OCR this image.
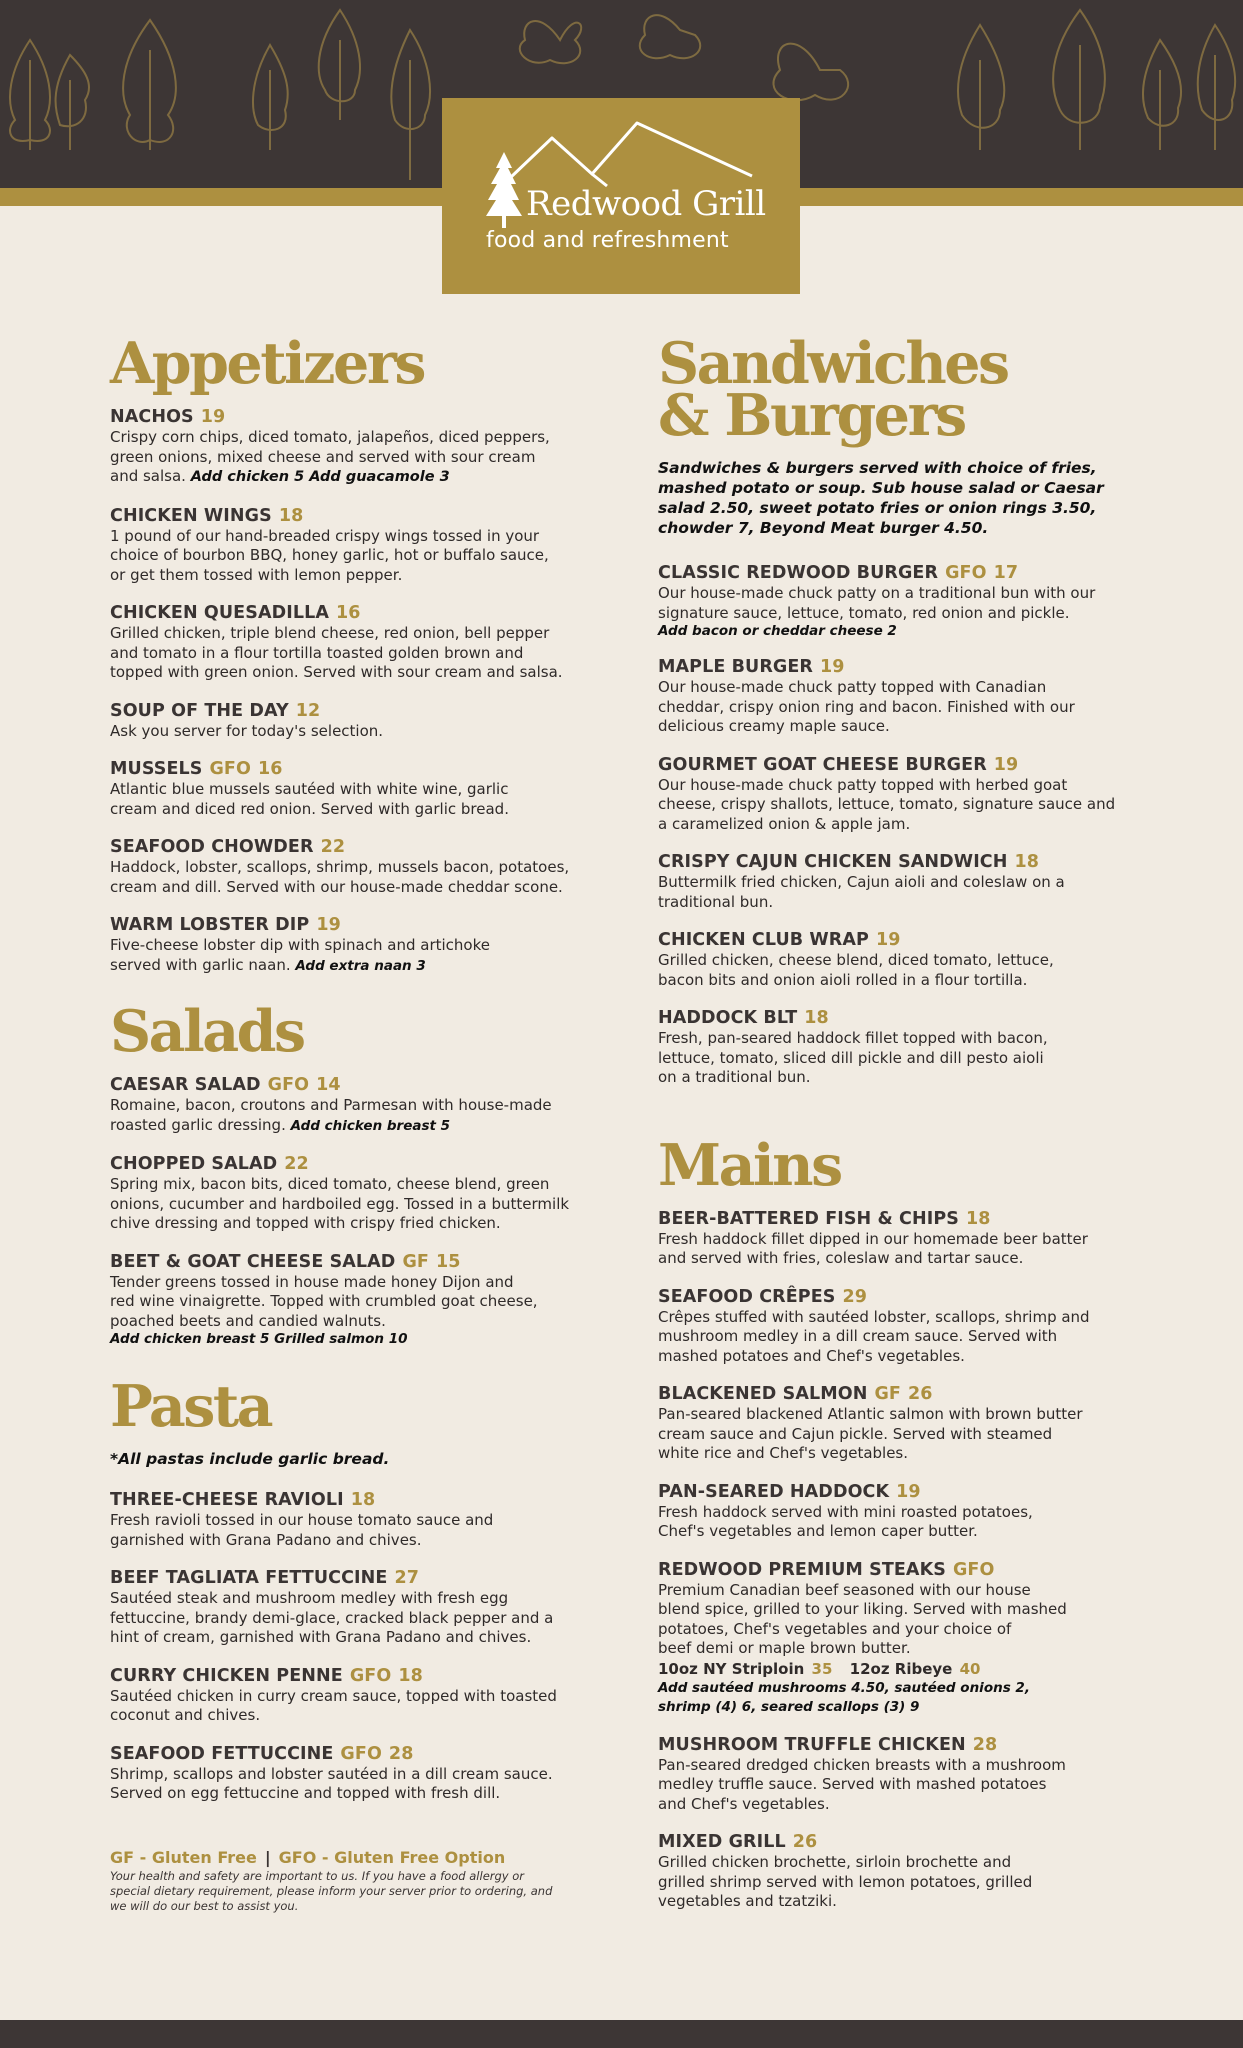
Redwood Grill
food and refreshment
Appetizers
NACHOS 19
Crispy corn chips, diced tomato, jalapeños, diced peppers,
green onions, mixed cheese and served with sour cream
and salsa. Add chicken 5 Add guacamole 3
CHICKEN WINGS 18
1 pound of our hand-breaded crispy wings tossed in your
choice of bourbon BBQ, honey garlic, hot or buffalo sauce,
or get them tossed with lemon pepper.
CHICKEN QUESADILLA 16
Grilled chicken, triple blend cheese, red onion, bell pepper
and tomato in a flour tortilla toasted golden brown and
topped with green onion. Served with sour cream and salsa.
SOUP OF THE DAY 12
Ask you server for today's selection.
MUSSELS GFO 16
Atlantic blue mussels sautéed with white wine, garlic
cream and diced red onion. Served with garlic bread.
SEAFOOD CHOWDER 22
Haddock, lobster, scallops, shrimp, mussels bacon, potatoes,
cream and dill. Served with our house-made cheddar scone.
WARM LOBSTER DIP 19
Five-cheese lobster dip with spinach and artichoke
served with garlic naan. Add extra naan 3
Salads
CAESAR SALAD GFO 14
Romaine, bacon, croutons and Parmesan with house-made
roasted garlic dressing. Add chicken breast 5
CHOPPED SALAD 22
Spring mix, bacon bits, diced tomato, cheese blend, green
onions, cucumber and hardboiled egg. Tossed in a buttermilk
chive dressing and topped with crispy fried chicken.
BEET & GOAT CHEESE SALAD GF 15
Tender greens tossed in house made honey Dijon and
red wine vinaigrette. Topped with crumbled goat cheese,
poached beets and candied walnuts.
Add chicken breast 5 Grilled salmon 10
Pasta
*All pastas include garlic bread.
THREE-CHEESE RAVIOLI 18
Fresh ravioli tossed in our house tomato sauce and
garnished with Grana Padano and chives.
BEEF TAGLIATA FETTUCCINE 27
Sautéed steak and mushroom medley with fresh egg
fettuccine, brandy demi-glace, cracked black pepper and a
hint of cream, garnished with Grana Padano and chives.
CURRY CHICKEN PENNE GFO 18
Sautéed chicken in curry cream sauce, topped with toasted
coconut and chives.
SEAFOOD FETTUCCINE GFO 28
Shrimp, scallops and lobster sautéed in a dill cream sauce.
Served on egg fettuccine and topped with fresh dill.
GF - Gluten Free | GFO - Gluten Free Option
Your health and safety are important to us. If you have a food allergy or
special dietary requirement, please inform your server prior to ordering, and
we will do our best to assist you.
Sandwiches
& Burgers
Sandwiches & burgers served with choice of fries,
mashed potato or soup. Sub house salad or Caesar
salad 2.50, sweet potato fries or onion rings 3.50,
chowder 7, Beyond Meat burger 4.50.
CLASSIC REDWOOD BURGER GFO 17
Our house-made chuck patty on a traditional bun with our
signature sauce, lettuce, tomato, red onion and pickle.
Add bacon or cheddar cheese 2
MAPLE BURGER 19
Our house-made chuck patty topped with Canadian
cheddar, crispy onion ring and bacon. Finished with our
delicious creamy maple sauce.
GOURMET GOAT CHEESE BURGER 19
Our house-made chuck patty topped with herbed goat
cheese, crispy shallots, lettuce, tomato, signature sauce and
a caramelized onion & apple jam.
CRISPY CAJUN CHICKEN SANDWICH 18
Buttermilk fried chicken, Cajun aioli and coleslaw on a
traditional bun.
CHICKEN CLUB WRAP 19
Grilled chicken, cheese blend, diced tomato, lettuce,
bacon bits and onion aioli rolled in a flour tortilla.
HADDOCK BLT 18
Fresh, pan-seared haddock fillet topped with bacon,
lettuce, tomato, sliced dill pickle and dill pesto aioli
on a traditional bun.
Mains
BEER-BATTERED FISH & CHIPS 18
Fresh haddock fillet dipped in our homemade beer batter
and served with fries, coleslaw and tartar sauce.
SEAFOOD CRÊPES 29
Crêpes stuffed with sautéed lobster, scallops, shrimp and
mushroom medley in a dill cream sauce. Served with
mashed potatoes and Chef's vegetables.
BLACKENED SALMON GF 26
Pan-seared blackened Atlantic salmon with brown butter
cream sauce and Cajun pickle. Served with steamed
white rice and Chef's vegetables.
PAN-SEARED HADDOCK 19
Fresh haddock served with mini roasted potatoes,
Chef's vegetables and lemon caper butter.
REDWOOD PREMIUM STEAKS GFO
Premium Canadian beef seasoned with our house
blend spice, grilled to your liking. Served with mashed
potatoes, Chef's vegetables and your choice of
beef demi or maple brown butter.
10oz NY Striploin 35 12oz Ribeye 40
Add sautéed mushrooms 4.50, sautéed onions 2,
shrimp (4) 6, seared scallops (3) 9
MUSHROOM TRUFFLE CHICKEN 28
Pan-seared dredged chicken breasts with a mushroom
medley truffle sauce. Served with mashed potatoes
and Chef's vegetables.
MIXED GRILL 26
Grilled chicken brochette, sirloin brochette and
grilled shrimp served with lemon potatoes, grilled
vegetables and tzatziki.
